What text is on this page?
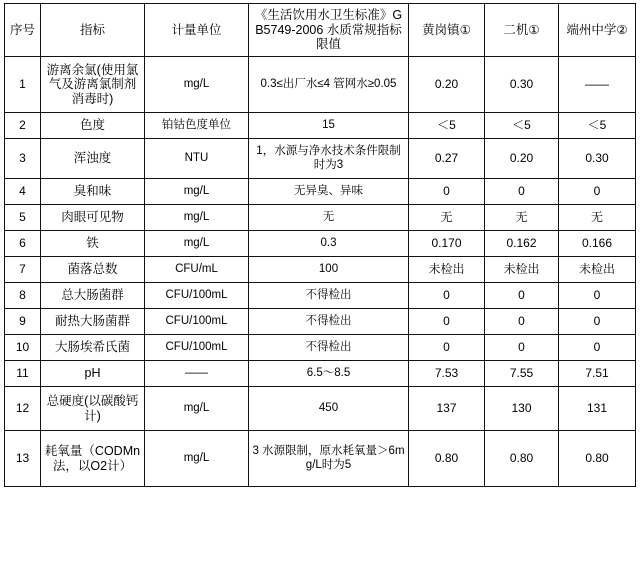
序号	指标	计量单位	《生活饮用水卫生标准》GB5749-2006 水质常规指标限值	黄岗镇①	二机①	端州中学②
1	游离余氯(使用氯气及游离氯制剂消毒时)	mg/L	0.3≤出厂水≤4 管网水≥0.05	0.20	0.30	——
2	色度	铂钴色度单位	15	＜5	＜5	＜5
3	浑浊度	NTU	1，水源与净水技术条件限制时为3	0.27	0.20	0.30
4	臭和味	mg/L	无异臭、异味	0	0	0
5	肉眼可见物	mg/L	无	无	无	无
6	铁	mg/L	0.3	0.170	0.162	0.166
7	菌落总数	CFU/mL	100	未检出	未检出	未检出
8	总大肠菌群	CFU/100mL	不得检出	0	0	0
9	耐热大肠菌群	CFU/100mL	不得检出	0	0	0
10	大肠埃希氏菌	CFU/100mL	不得检出	0	0	0
11	pH	——	6.5～8.5	7.53	7.55	7.51
12	总硬度(以碳酸钙计)	mg/L	450	137	130	131
13	耗氧量（CODMn法，以O2计）	mg/L	3 水源限制，原水耗氧量＞6mg/L时为5	0.80	0.80	0.80
